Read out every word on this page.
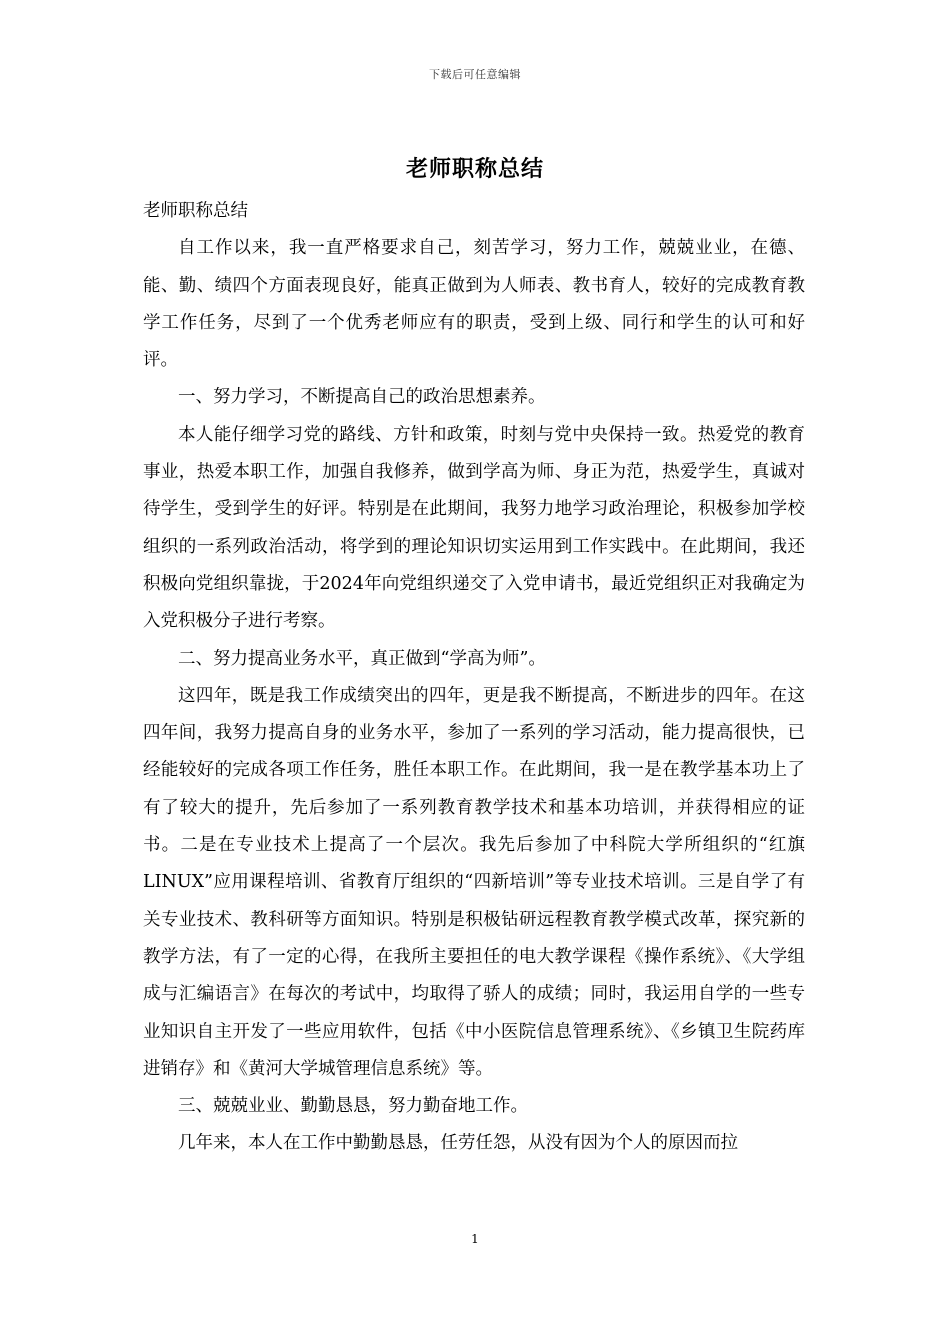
下载后可任意编辑
老师职称总结

老师职称总结

自工作以来，我一直严格要求自己，刻苦学习，努力工作，兢兢业业，在德、能、勤、绩四个方面表现良好，能真正做到为人师表、教书育人，较好的完成教育教学工作任务，尽到了一个优秀老师应有的职责，受到上级、同行和学生的认可和好评。

一、努力学习，不断提高自己的政治思想素养。

本人能仔细学习党的路线、方针和政策，时刻与党中央保持一致。热爱党的教育事业，热爱本职工作，加强自我修养，做到学高为师、身正为范，热爱学生，真诚对待学生，受到学生的好评。特别是在此期间，我努力地学习政治理论，积极参加学校组织的一系列政治活动，将学到的理论知识切实运用到工作实践中。在此期间，我还积极向党组织靠拢，于2024年向党组织递交了入党申请书，最近党组织正对我确定为入党积极分子进行考察。

二、努力提高业务水平，真正做到“学高为师”。

这四年，既是我工作成绩突出的四年，更是我不断提高，不断进步的四年。在这四年间，我努力提高自身的业务水平，参加了一系列的学习活动，能力提高很快，已经能较好的完成各项工作任务，胜任本职工作。在此期间，我一是在教学基本功上了有了较大的提升，先后参加了一系列教育教学技术和基本功培训，并获得相应的证书。二是在专业技术上提高了一个层次。我先后参加了中科院大学所组织的“红旗LINUX”应用课程培训、省教育厅组织的“四新培训”等专业技术培训。三是自学了有关专业技术、教科研等方面知识。特别是积极钻研远程教育教学模式改革，探究新的教学方法，有了一定的心得，在我所主要担任的电大教学课程《操作系统》、《大学组成与汇编语言》在每次的考试中，均取得了骄人的成绩；同时，我运用自学的一些专业知识自主开发了一些应用软件，包括《中小医院信息管理系统》、《乡镇卫生院药库进销存》和《黄河大学城管理信息系统》等。

三、兢兢业业、勤勤恳恳，努力勤奋地工作。

几年来，本人在工作中勤勤恳恳，任劳任怨，从没有因为个人的原因而拉

1
